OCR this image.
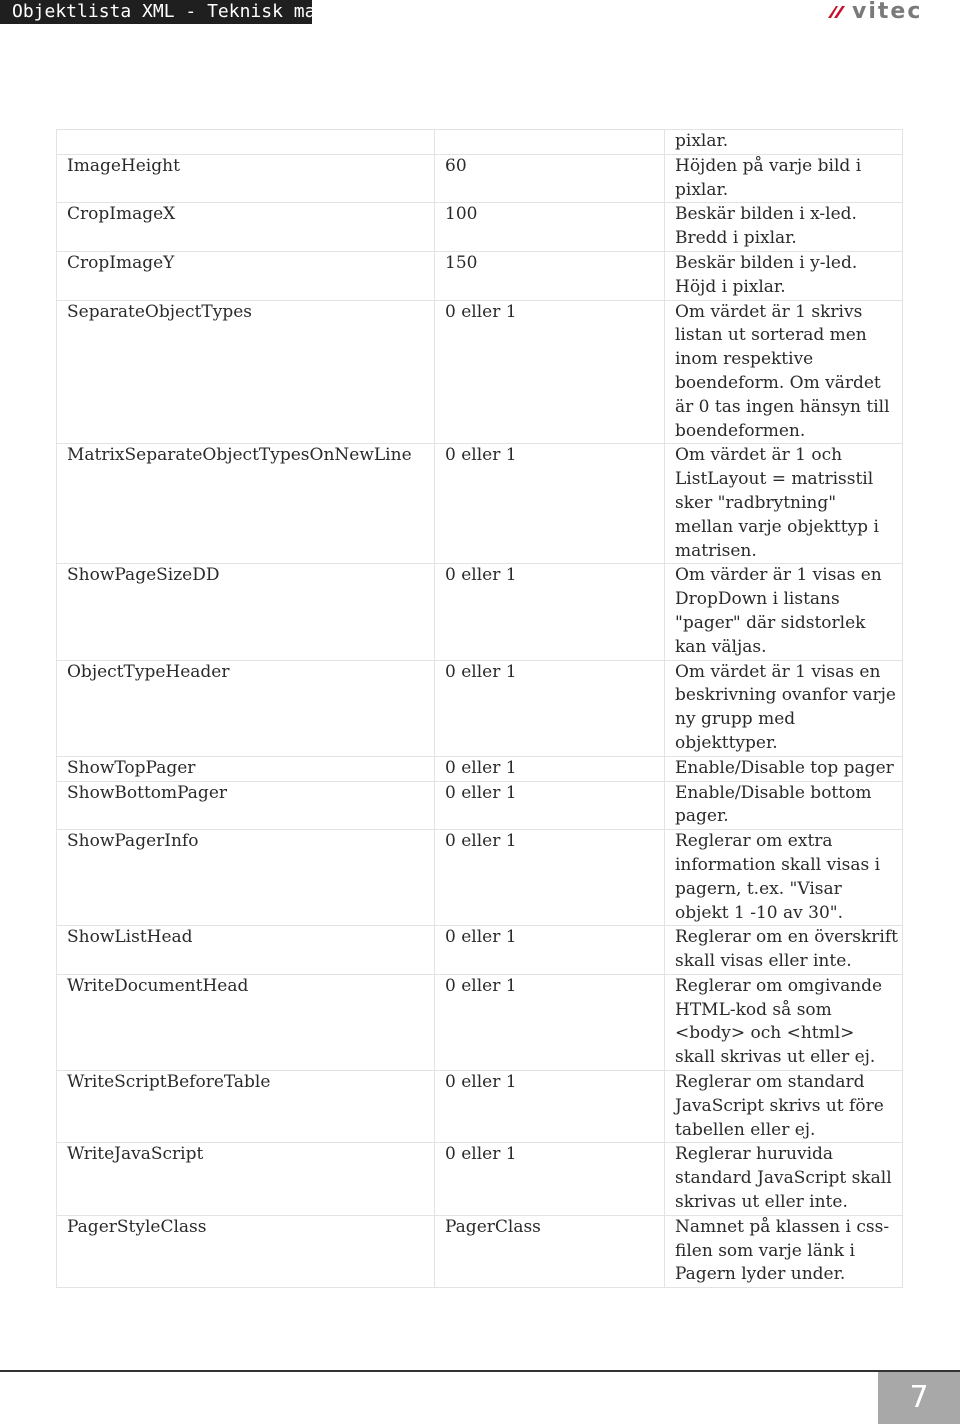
Objektlista XML - Teknisk manual	vitec
		pixlar.
ImageHeight	60	Höjden på varje bild i pixlar.
CropImageX	100	Beskär bilden i x-led. Bredd i pixlar.
CropImageY	150	Beskär bilden i y-led. Höjd i pixlar.
SeparateObjectTypes	0 eller 1	Om värdet är 1 skrivs listan ut sorterad men inom respektive boendeform. Om värdet är 0 tas ingen hänsyn till boendeformen.
MatrixSeparateObjectTypesOnNewLine	0 eller 1	Om värdet är 1 och ListLayout = matrisstil sker "radbrytning" mellan varje objekttyp i matrisen.
ShowPageSizeDD	0 eller 1	Om värder är 1 visas en DropDown i listans "pager" där sidstorlek kan väljas.
ObjectTypeHeader	0 eller 1	Om värdet är 1 visas en beskrivning ovanfor varje ny grupp med objekttyper.
ShowTopPager	0 eller 1	Enable/Disable top pager
ShowBottomPager	0 eller 1	Enable/Disable bottom pager.
ShowPagerInfo	0 eller 1	Reglerar om extra information skall visas i pagern, t.ex. "Visar objekt 1 -10 av 30".
ShowListHead	0 eller 1	Reglerar om en överskrift skall visas eller inte.
WriteDocumentHead	0 eller 1	Reglerar om omgivande HTML-kod så som <body> och <html> skall skrivas ut eller ej.
WriteScriptBeforeTable	0 eller 1	Reglerar om standard JavaScript skrivs ut före tabellen eller ej.
WriteJavaScript	0 eller 1	Reglerar huruvida standard JavaScript skall skrivas ut eller inte.
PagerStyleClass	PagerClass	Namnet på klassen i css-filen som varje länk i Pagern lyder under.
7
